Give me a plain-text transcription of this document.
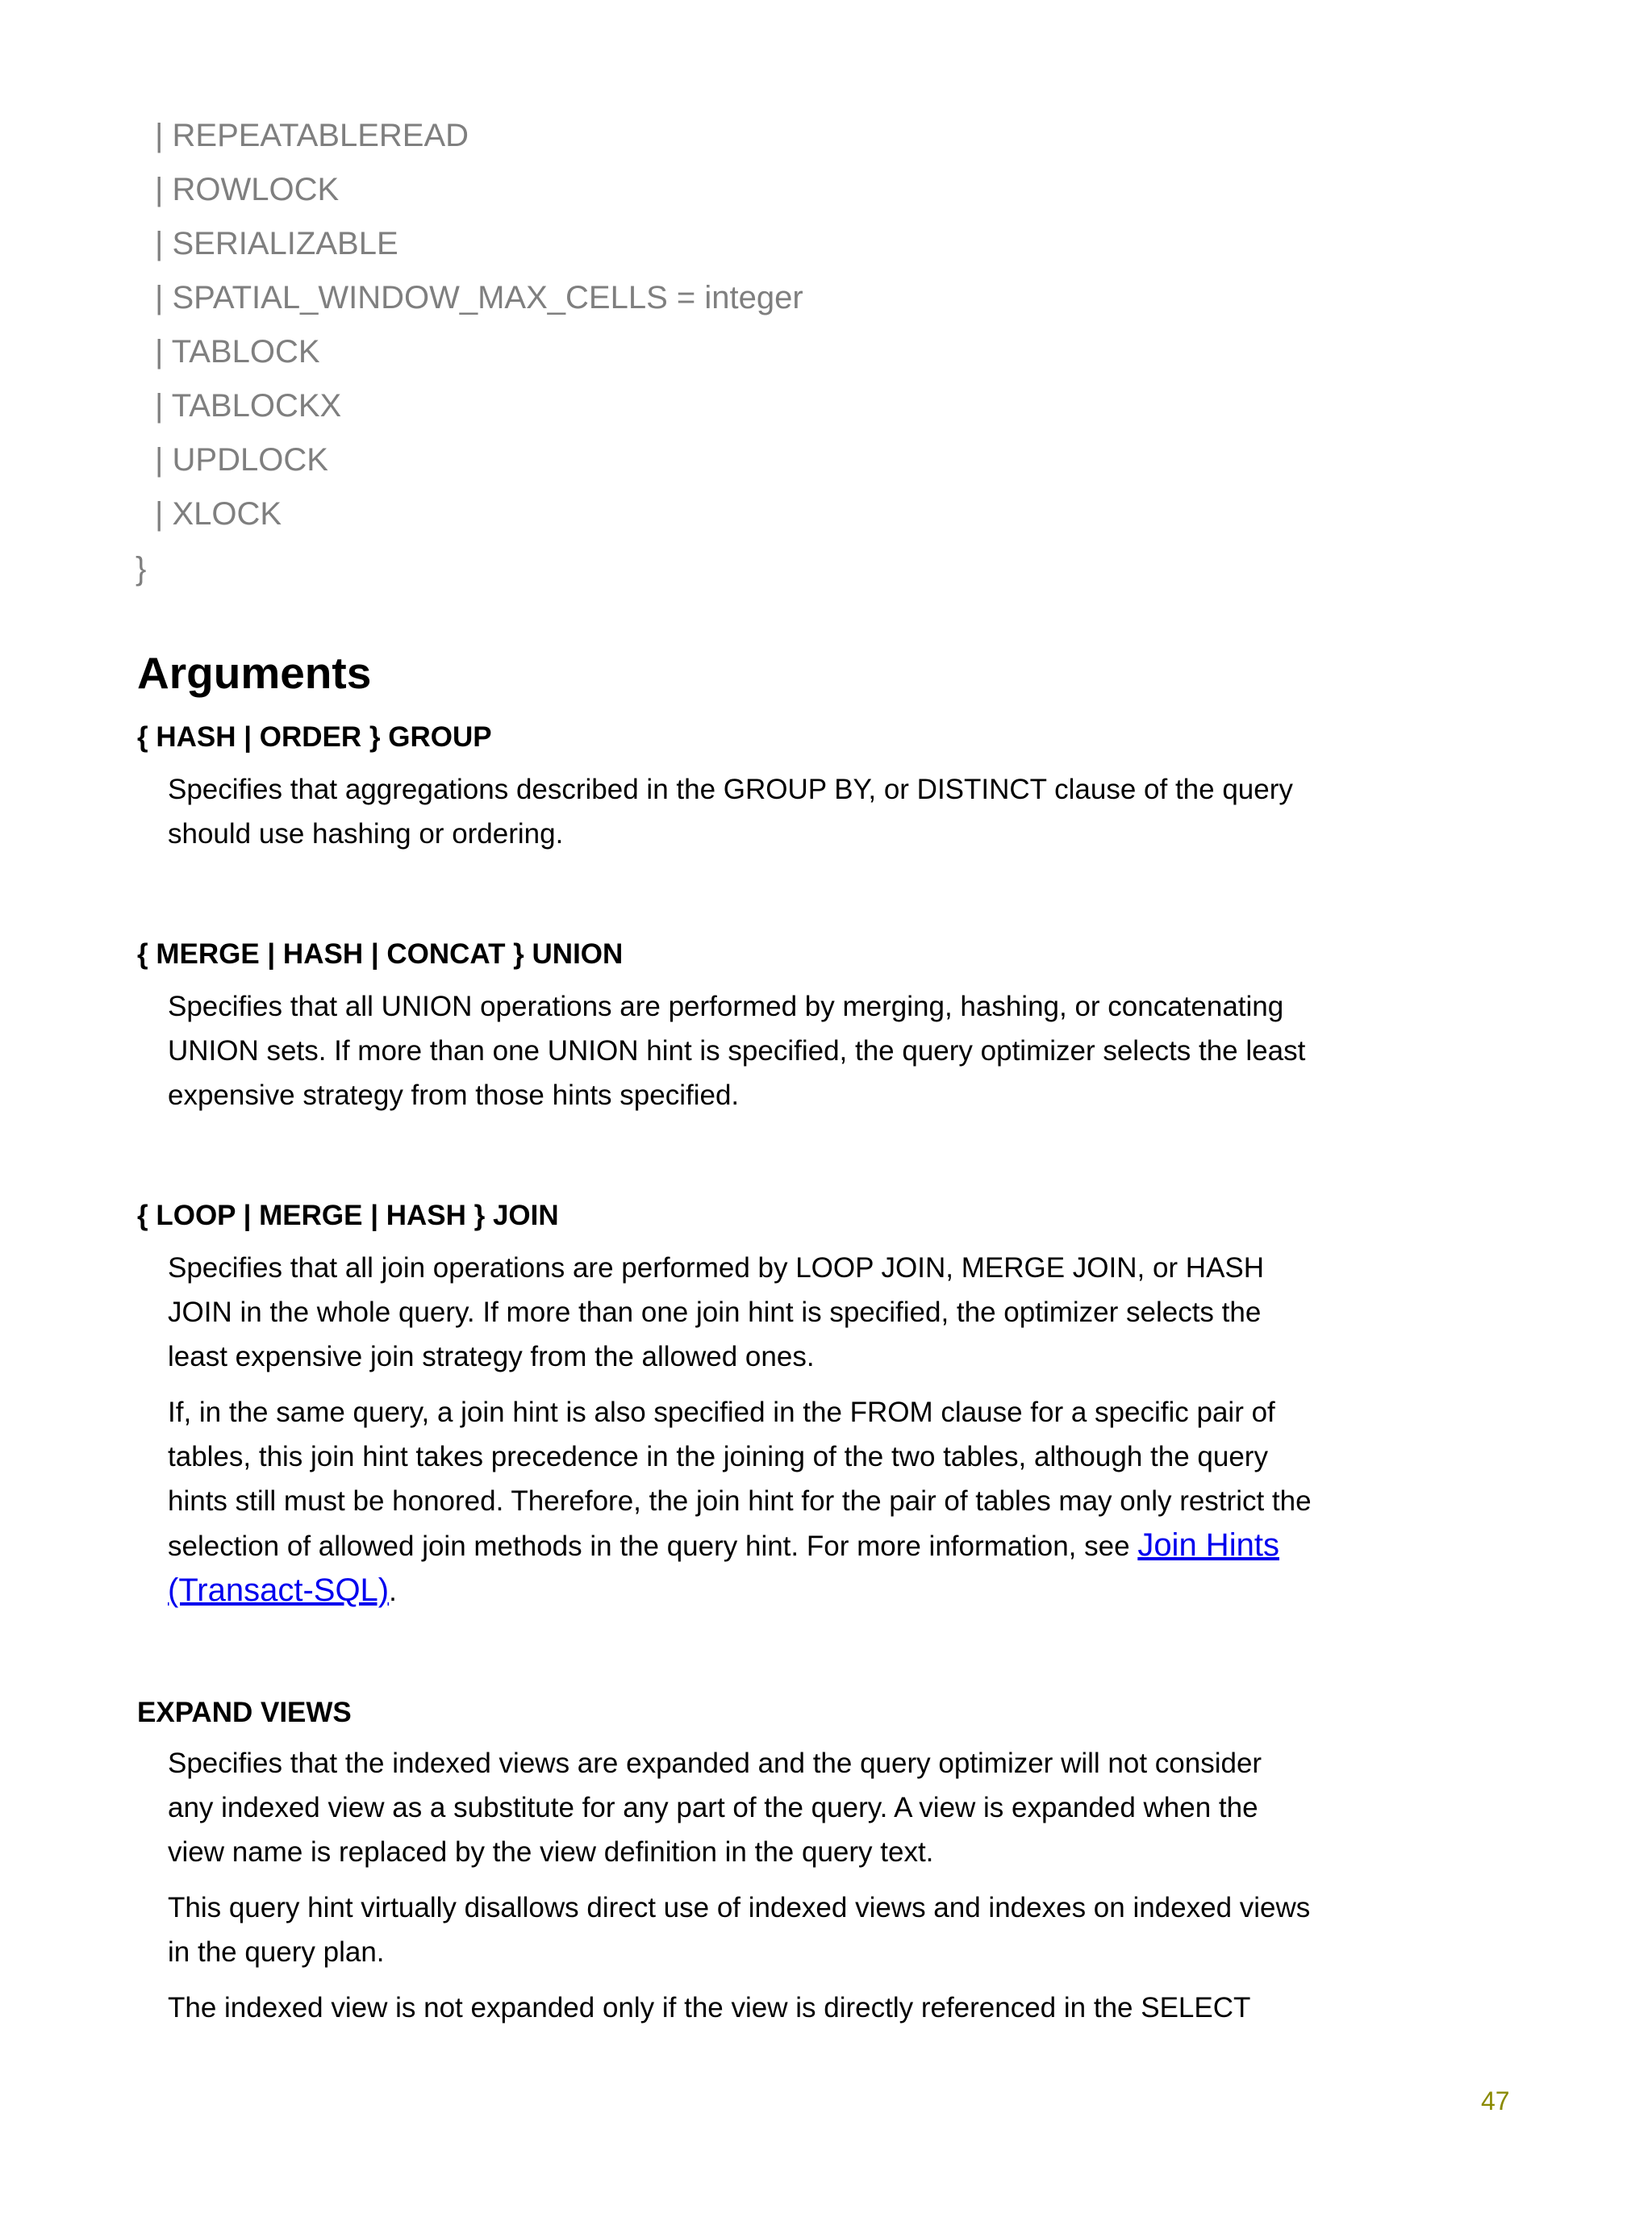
| REPEATABLEREAD
| ROWLOCK
| SERIALIZABLE
| SPATIAL_WINDOW_MAX_CELLS = integer
| TABLOCK
| TABLOCKX
| UPDLOCK
| XLOCK
}
Arguments
{ HASH | ORDER } GROUP

Specifies that aggregations described in the GROUP BY, or DISTINCT clause of the query should use hashing or ordering.

{ MERGE | HASH | CONCAT } UNION

Specifies that all UNION operations are performed by merging, hashing, or concatenating UNION sets. If more than one UNION hint is specified, the query optimizer selects the least expensive strategy from those hints specified.

{ LOOP | MERGE | HASH } JOIN

Specifies that all join operations are performed by LOOP JOIN, MERGE JOIN, or HASH JOIN in the whole query. If more than one join hint is specified, the optimizer selects the least expensive join strategy from the allowed ones.

If, in the same query, a join hint is also specified in the FROM clause for a specific pair of tables, this join hint takes precedence in the joining of the two tables, although the query hints still must be honored. Therefore, the join hint for the pair of tables may only restrict the selection of allowed join methods in the query hint. For more information, see Join Hints (Transact-SQL).

EXPAND VIEWS

Specifies that the indexed views are expanded and the query optimizer will not consider any indexed view as a substitute for any part of the query. A view is expanded when the view name is replaced by the view definition in the query text.

This query hint virtually disallows direct use of indexed views and indexes on indexed views in the query plan.

The indexed view is not expanded only if the view is directly referenced in the SELECT

47
